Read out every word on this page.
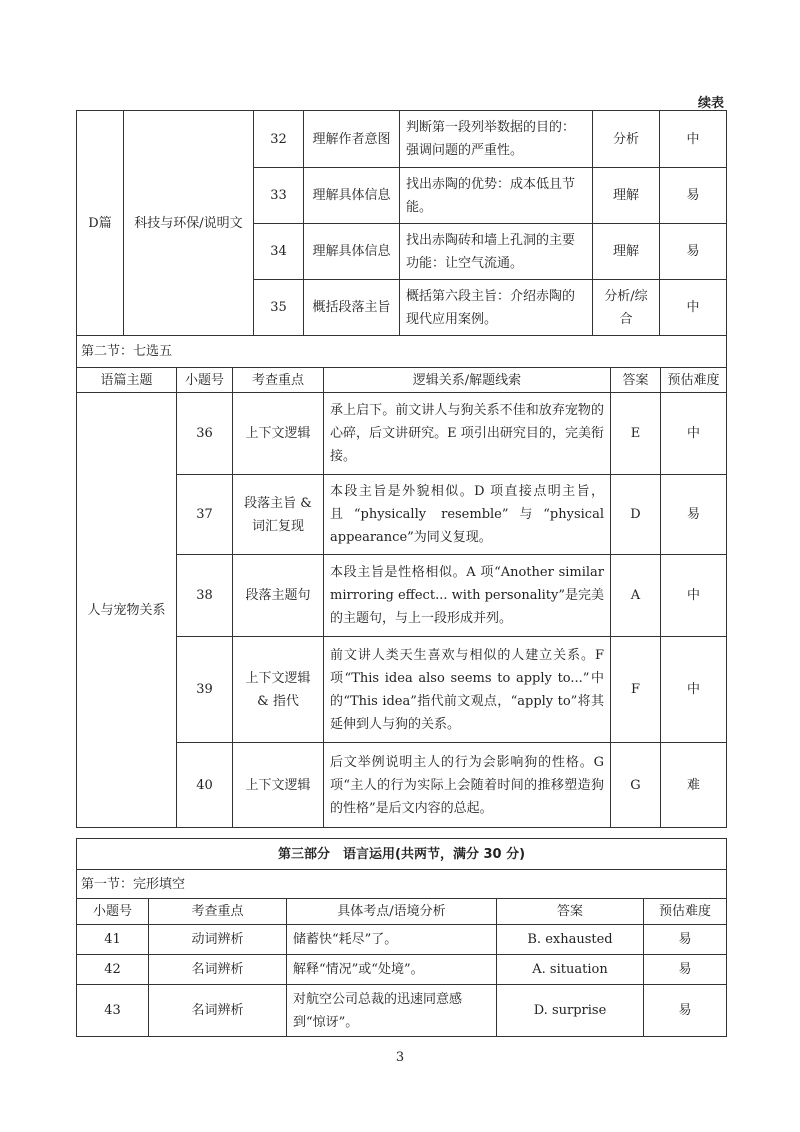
续表
D篇	科技与环保/说明文	32	理解作者意图	判断第一段列举数据的目的：强调问题的严重性。	分析	中
		33	理解具体信息	找出赤陶的优势：成本低且节能。	理解	易
		34	理解具体信息	找出赤陶砖和墙上孔洞的主要功能：让空气流通。	理解	易
		35	概括段落主旨	概括第六段主旨：介绍赤陶的现代应用案例。	分析/综合	中
第二节：七选五					
语篇主题	小题号	考查重点	逻辑关系/解题线索	答案	预估难度
人与宠物关系	36	上下文逻辑	承上启下。前文讲人与狗关系不佳和放弃宠物的心碎，后文讲研究。E 项引出研究目的，完美衔接。	E	中
	37	段落主旨 & 词汇复现	本段主旨是外貌相似。D 项直接点明主旨，且“physically resemble”与“physical appearance”为同义复现。	D	易
	38	段落主题句	本段主旨是性格相似。A 项“Another similar mirroring effect... with personality”是完美的主题句，与上一段形成并列。	A	中
	39	上下文逻辑 & 指代	前文讲人类天生喜欢与相似的人建立关系。F 项“This idea also seems to apply to...”中的“This idea”指代前文观点，“apply to”将其延伸到人与狗的关系。	F	中
	40	上下文逻辑	后文举例说明主人的行为会影响狗的性格。G 项“主人的行为实际上会随着时间的推移塑造狗的性格”是后文内容的总起。	G	难
第三部分　语言运用(共两节，满分 30 分)				
第一节：完形填空				
小题号	考查重点	具体考点/语境分析	答案	预估难度
41	动词辨析	储蓄快“耗尽”了。	B. exhausted	易
42	名词辨析	解释“情况”或“处境”。	A. situation	易
43	名词辨析	对航空公司总裁的迅速同意感到“惊讶”。	D. surprise	易
3
